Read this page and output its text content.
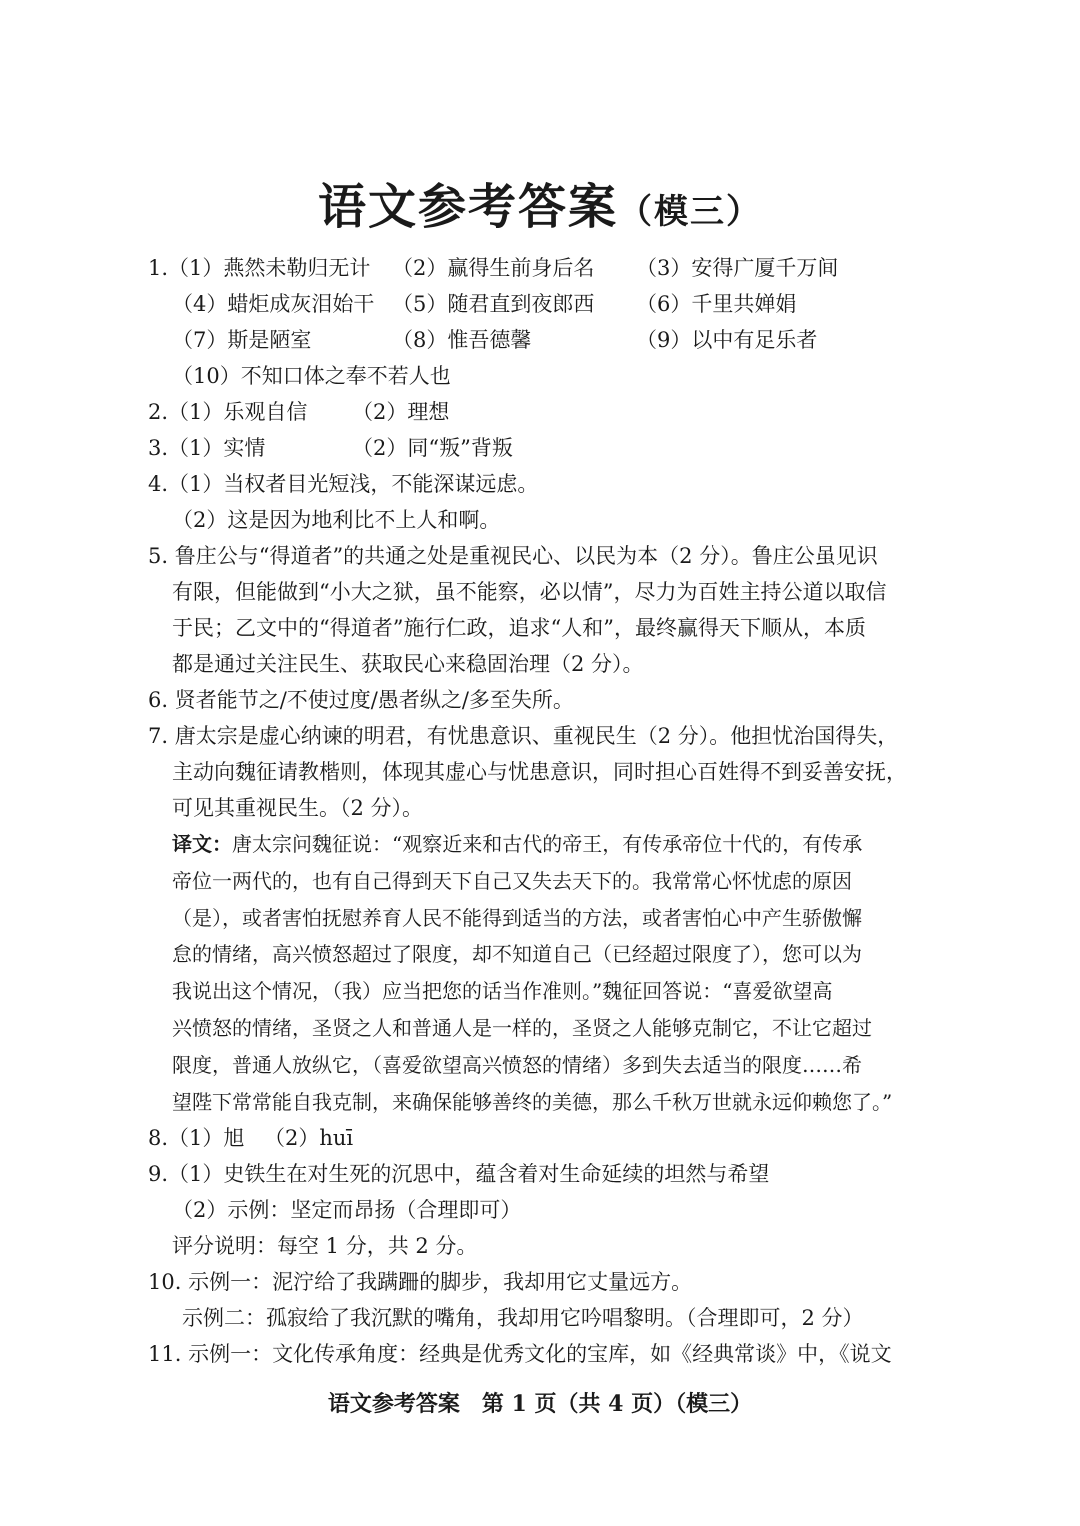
语文参考答案（模三）
1.（1）燕然未勒归无计 （2）赢得生前身后名 （3）安得广厦千万间
（4）蜡炬成灰泪始干 （5）随君直到夜郎西 （6）千里共婵娟
（7）斯是陋室	（8）惟吾德馨	（9）以中有足乐者
（10）不知口体之奉不若人也
2.（1）乐观自信 （2）理想
3.（1）实情	（2）同“叛”背叛
4.（1）当权者目光短浅，不能深谋远虑。
（2）这是因为地利比不上人和啊。
5. 鲁庄公与“得道者”的共通之处是重视民心、以民为本（2 分）。鲁庄公虽见识
有限，但能做到“小大之狱，虽不能察，必以情”，尽力为百姓主持公道以取信
于民；乙文中的“得道者”施行仁政，追求“人和”，最终赢得天下顺从，本质
都是通过关注民生、获取民心来稳固治理（2 分）。
6. 贤者能节之/不使过度/愚者纵之/多至失所。
7. 唐太宗是虚心纳谏的明君，有忧患意识、重视民生（2 分）。他担忧治国得失，
主动向魏征请教楷则，体现其虚心与忧患意识，同时担心百姓得不到妥善安抚，
可见其重视民生。（2 分）。
译文：唐太宗问魏征说：“观察近来和古代的帝王，有传承帝位十代的，有传承
帝位一两代的，也有自己得到天下自己又失去天下的。我常常心怀忧虑的原因
（是），或者害怕抚慰养育人民不能得到适当的方法，或者害怕心中产生骄傲懈
怠的情绪，高兴愤怒超过了限度，却不知道自己（已经超过限度了），您可以为
我说出这个情况，（我）应当把您的话当作准则。”魏征回答说：“喜爱欲望高
兴愤怒的情绪，圣贤之人和普通人是一样的，圣贤之人能够克制它，不让它超过
限度，普通人放纵它，（喜爱欲望高兴愤怒的情绪）多到失去适当的限度……希
望陛下常常能自我克制，来确保能够善终的美德，那么千秋万世就永远仰赖您了。”
8.（1）旭 （2）huī
9.（1）史铁生在对生死的沉思中，蕴含着对生命延续的坦然与希望
（2）示例：坚定而昂扬（合理即可）
评分说明：每空 1 分，共 2 分。
10. 示例一：泥泞给了我蹒跚的脚步，我却用它丈量远方。
示例二：孤寂给了我沉默的嘴角，我却用它吟唱黎明。（合理即可，2 分）
11. 示例一：文化传承角度：经典是优秀文化的宝库，如《经典常谈》中，《说文
语文参考答案　第 1 页（共 4 页）（模三）
